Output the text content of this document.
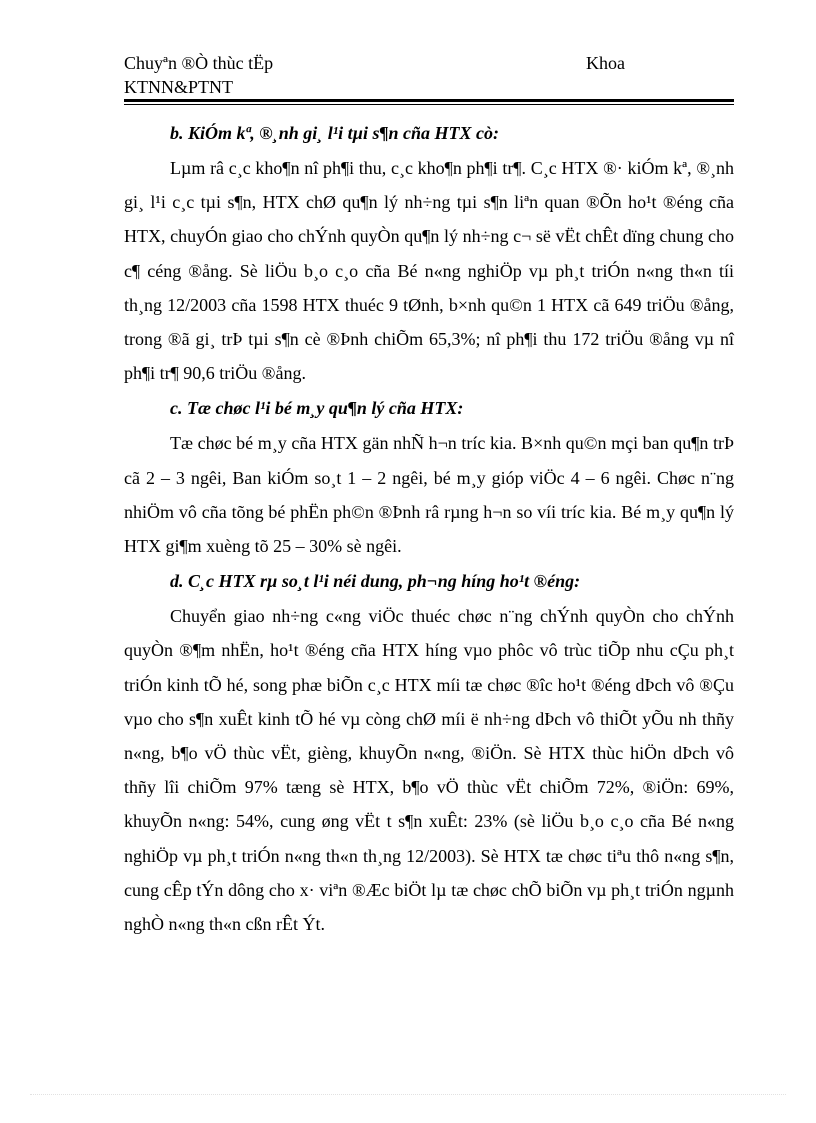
Chuyªn ®Ò thùc tËp
KTNN&PTNT
Khoa

b. KiÓm kª, ®¸nh gi¸ l¹i tµi s¶n cña HTX cò:

Lµm râ c¸c kho¶n nî ph¶i thu, c¸c kho¶n ph¶i tr¶. C¸c HTX ®· kiÓm kª, ®¸nh gi¸ l¹i c¸c tµi s¶n, HTX chØ qu¶n lý nh÷ng tµi s¶n liªn quan ®Õn ho¹t ®éng cña HTX, chuyÓn giao cho chÝnh quyÒn qu¶n lý nh÷ng c¬ së vËt chÊt dïng chung cho c¶ céng ®ång. Sè liÖu b¸o c¸o cña Bé n«ng nghiÖp vµ ph¸t triÓn n«ng th«n tíi th¸ng 12/2003 cña 1598 HTX thuéc 9 tØnh, b×nh qu©n 1 HTX cã 649 triÖu ®ång, trong ®ã gi¸ trÞ tµi s¶n cè ®Þnh chiÕm 65,3%; nî ph¶i thu 172 triÖu ®ång vµ nî ph¶i tr¶ 90,6 triÖu ®ång.

c. Tæ chøc l¹i bé m¸y qu¶n lý cña HTX:

Tæ chøc bé m¸y cña HTX gän nhÑ h¬n tríc kia. B×nh qu©n mçi ban qu¶n trÞ cã 2 – 3 ngêi, Ban kiÓm so¸t 1 – 2 ngêi, bé m¸y gióp viÖc 4 – 6 ngêi. Chøc n¨ng nhiÖm vô cña tõng bé phËn ph©n ®Þnh râ rµng h¬n so víi tríc kia. Bé m¸y qu¶n lý HTX gi¶m xuèng tõ 25 – 30% sè ngêi.

d. C¸c HTX rµ so¸t l¹i néi dung, ph¬ng híng ho¹t ®éng:

Chuyển giao nh÷ng c«ng viÖc thuéc chøc n¨ng chÝnh quyÒn cho chÝnh quyÒn ®¶m nhËn, ho¹t ®éng cña HTX híng vµo phôc vô trùc tiÕp nhu cÇu ph¸t triÓn kinh tÕ hé, song phæ biÕn c¸c HTX míi tæ chøc ®îc ho¹t ®éng dÞch vô ®Çu vµo cho s¶n xuÊt kinh tÕ hé vµ còng chØ míi ë nh÷ng dÞch vô thiÕt yÕu nh thñy n«ng, b¶o vÖ thùc vËt, gièng, khuyÕn n«ng, ®iÖn. Sè HTX thùc hiÖn dÞch vô thñy lîi chiÕm 97% tæng sè HTX, b¶o vÖ thùc vËt chiÕm 72%, ®iÖn: 69%, khuyÕn n«ng: 54%, cung øng vËt t s¶n xuÊt: 23% (sè liÖu b¸o c¸o cña Bé n«ng nghiÖp vµ ph¸t triÓn n«ng th«n th¸ng 12/2003). Sè HTX tæ chøc tiªu thô n«ng s¶n, cung cÊp tÝn dông cho x· viªn ®Æc biÖt lµ tæ chøc chÕ biÕn vµ ph¸t triÓn ngµnh nghÒ n«ng th«n cßn rÊt Ýt.
